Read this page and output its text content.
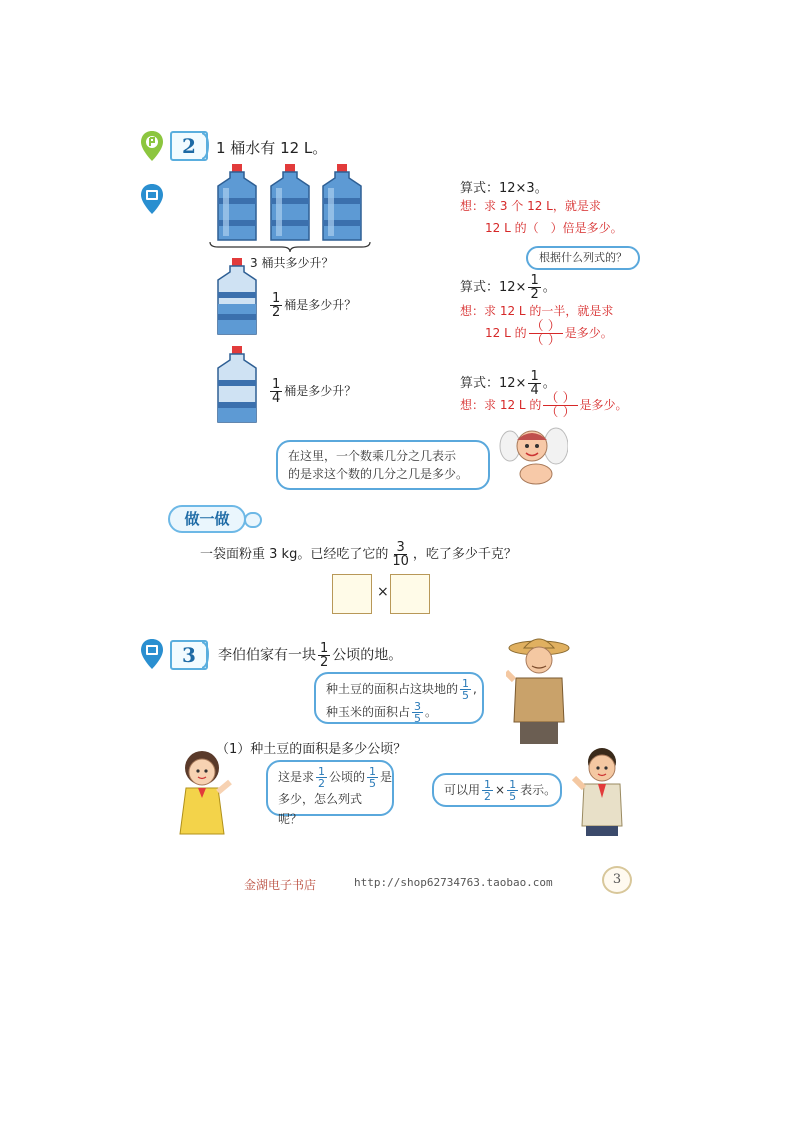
2	1 桶水有 12 L。
3 桶共多少升？
$\frac{1}{2}$ 桶是多少升？
$\frac{1}{4}$ 桶是多少升？
算式：12×3。
想：求 3 个 12 L，就是求
12 L 的（　）倍是多少。
根据什么列式的？
算式：$12\times \frac{1}{2}$ 。
想：求 12 L 的一半，就是求
12 L 的 $\frac{( )}{( )}$ 是多少。
算式：$12\times \frac{1}{4}$ 。
想：求 12 L 的 $\frac{( )}{( )}$ 是多少。
在这里，一个数乘几分之几表示
的是求这个数的几分之几是多少。
做一做
一袋面粉重 3 kg。已经吃了它的 $\frac{3}{10}$ ，吃了多少千克？
×
3	李伯伯家有一块 $\frac{1}{2}$ 公顷的地。
种土豆的面积占这块地的 $\frac{1}{5}$ ,
种玉米的面积占 $\frac{3}{5}$ 。
（1）种土豆的面积是多少公顷？
这是求 $\frac{1}{2}$ 公顷的 $\frac{1}{5}$ 是
多少，怎么列式呢？
可以用 $\frac{1}{2} \times \frac{1}{5}$ 表示。
金湖电子书店	http://shop62734763.taobao.com	3
